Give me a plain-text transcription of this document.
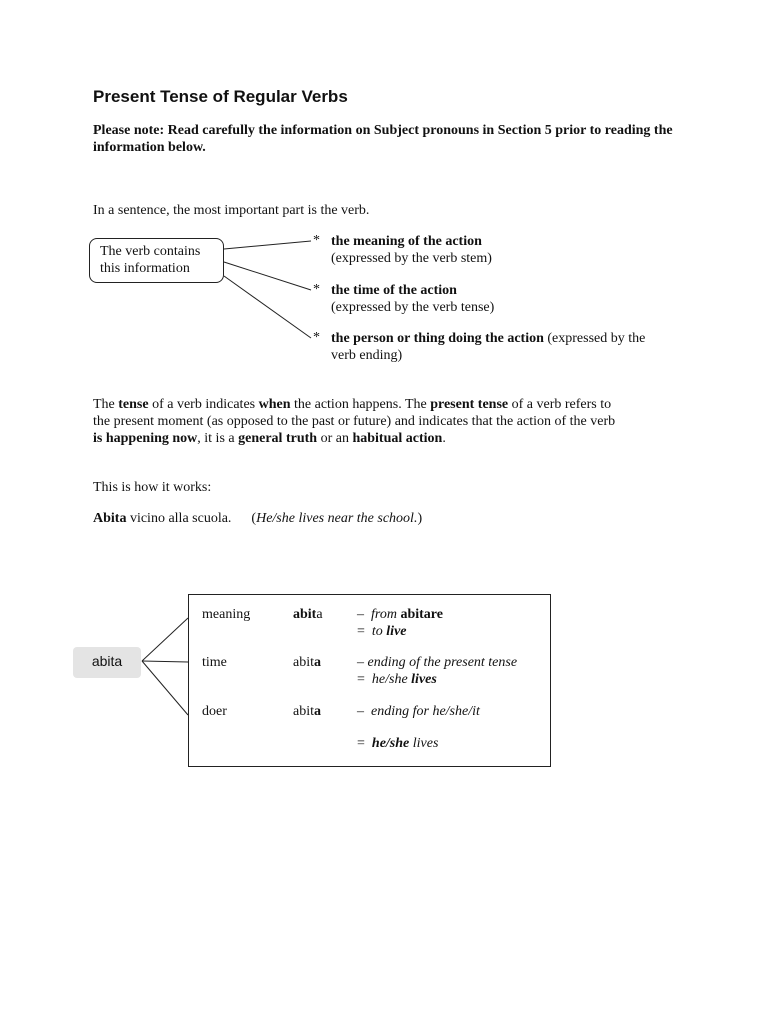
Present Tense of Regular Verbs
Please note: Read carefully the information on Subject pronouns in Section 5 prior to reading the information below.
In a sentence, the most important part is the verb.
The verb contains
this information
* the meaning of the action
(expressed by the verb stem)
* the time of the action
(expressed by the verb tense)
* the person or thing doing the action (expressed by the
verb ending)
The tense of a verb indicates when the action happens. The present tense of a verb refers to
the present moment (as opposed to the past or future) and indicates that the action of the verb
is happening now, it is a general truth or an habitual action.
This is how it works:
Abita vicino alla scuola. (He/she lives near the school.)
abita
meaning	abita – from abitare
= to live
time	abita	– ending of the present tense
= he/she lives
doer	abita	– ending for he/she/it
= he/she lives
